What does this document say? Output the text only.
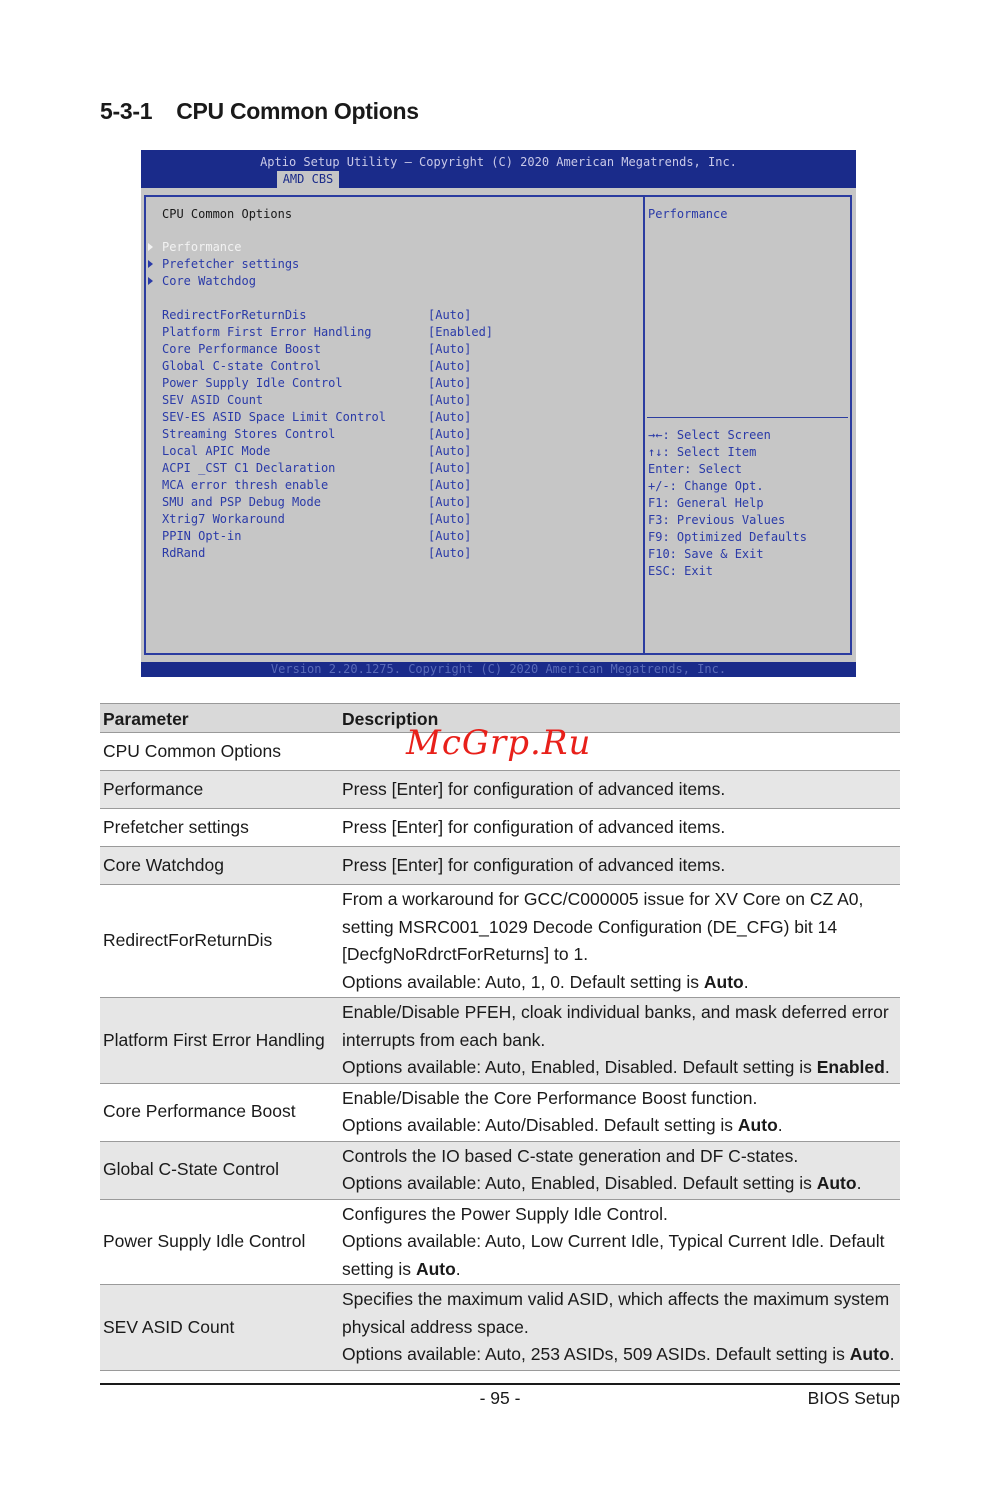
5-3-1 CPU Common Options
Aptio Setup Utility – Copyright (C) 2020 American Megatrends, Inc.
AMD CBS
CPU Common Options
Performance
Prefetcher settings
Core Watchdog
RedirectForReturnDis	[Auto]
Platform First Error Handling	[Enabled]
Core Performance Boost	[Auto]
Global C-state Control	[Auto]
Power Supply Idle Control	[Auto]
SEV ASID Count	[Auto]
SEV-ES ASID Space Limit Control	[Auto]
Streaming Stores Control	[Auto]
Local APIC Mode	[Auto]
ACPI _CST C1 Declaration	[Auto]
MCA error thresh enable	[Auto]
SMU and PSP Debug Mode	[Auto]
Xtrig7 Workaround	[Auto]
PPIN Opt-in	[Auto]
RdRand	[Auto]
Performance
→←: Select Screen
↑↓: Select Item
Enter: Select
+/-: Change Opt.
F1: General Help
F3: Previous Values
F9: Optimized Defaults
F10: Save & Exit
ESC: Exit
Version 2.20.1275. Copyright (C) 2020 American Megatrends, Inc.
Parameter	Description
CPU Common Options	
Performance	Press [Enter] for configuration of advanced items.
Prefetcher settings	Press [Enter] for configuration of advanced items.
Core Watchdog	Press [Enter] for configuration of advanced items.
RedirectForReturnDis	From a workaround for GCC/C000005 issue for XV Core on CZ A0,
setting MSRC001_1029 Decode Configuration (DE_CFG) bit 14
[DecfgNoRdrctForReturns] to 1.
Options available: Auto, 1, 0. Default setting is Auto.

Platform First Error Handling	Enable/Disable PFEH, cloak individual banks, and mask deferred error
interrupts from each bank.
Options available: Auto, Enabled, Disabled. Default setting is Enabled.

Core Performance Boost	Enable/Disable the Core Performance Boost function.
Options available: Auto/Disabled. Default setting is Auto.

Global C-State Control	Controls the IO based C-state generation and DF C-states.
Options available: Auto, Enabled, Disabled. Default setting is Auto.

Power Supply Idle Control	Configures the Power Supply Idle Control.
Options available: Auto, Low Current Idle, Typical Current Idle. Default
setting is Auto.

SEV ASID Count	Specifies the maximum valid ASID, which affects the maximum system
physical address space.
Options available: Auto, 253 ASIDs, 509 ASIDs. Default setting is Auto.
McGrp.Ru
- 95 -	BIOS Setup
